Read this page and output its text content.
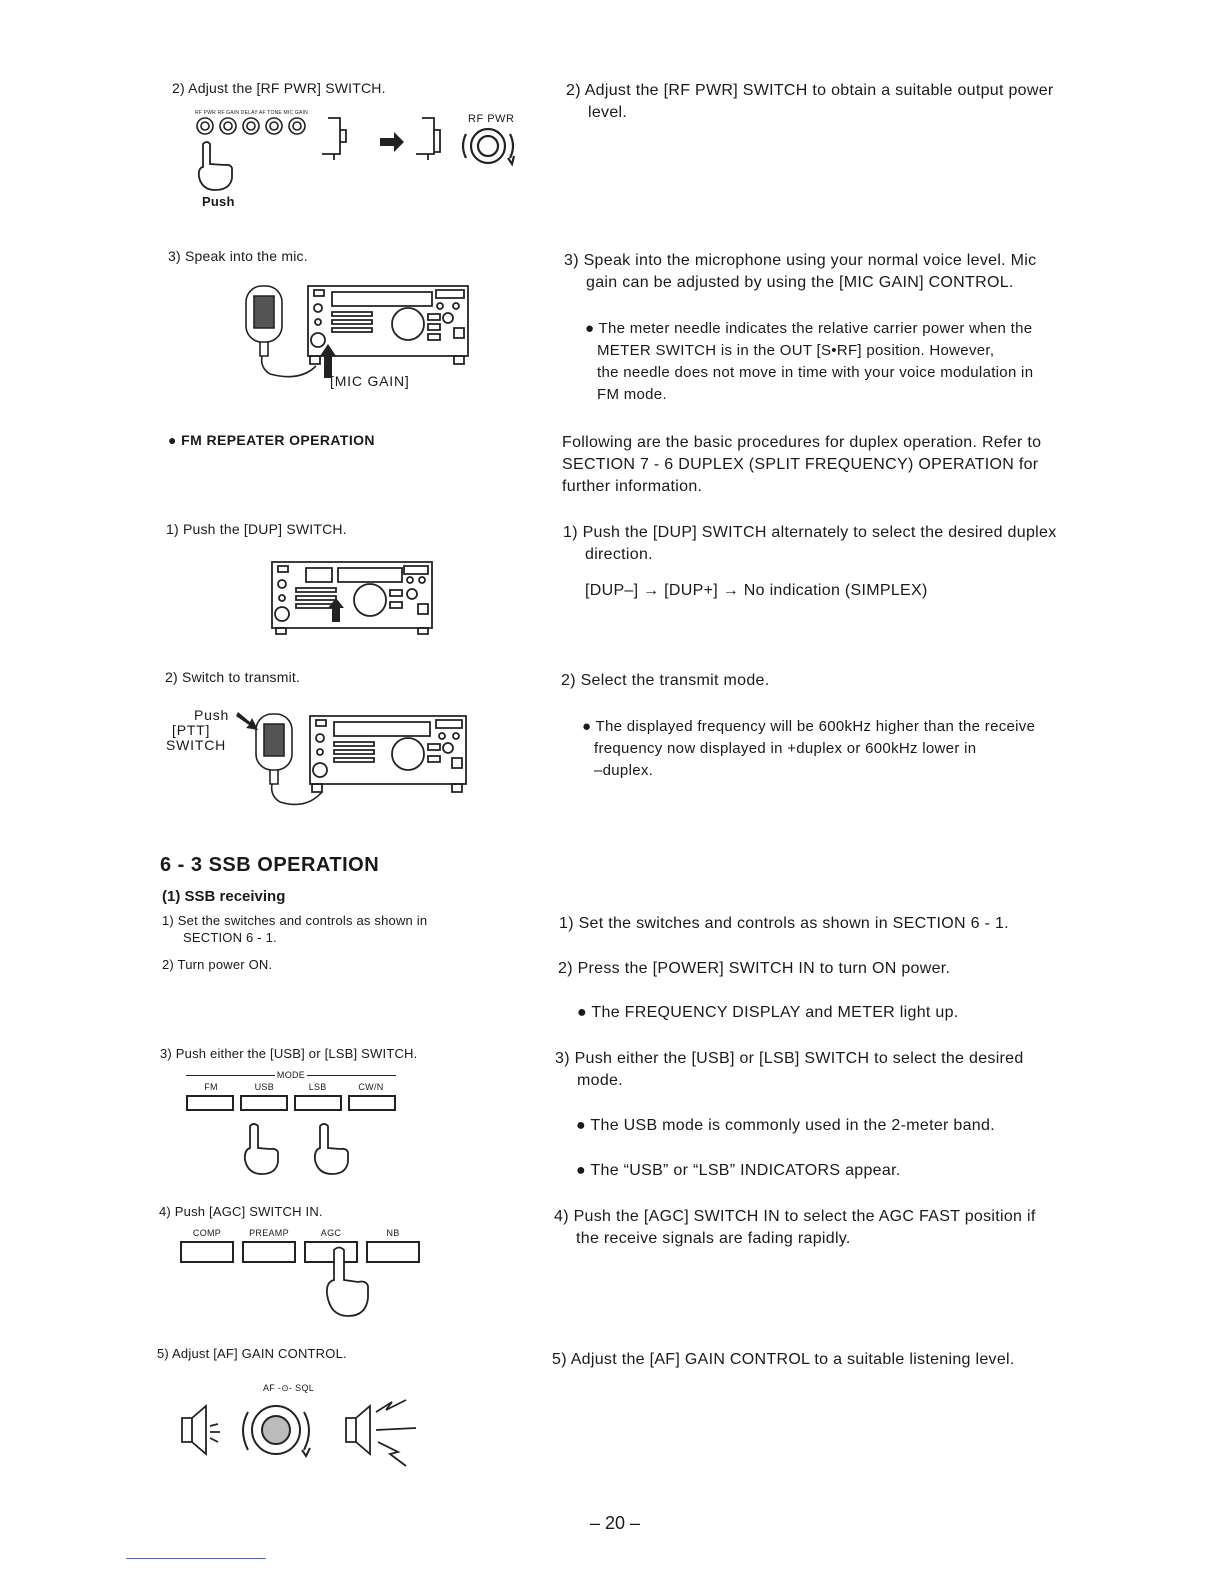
2) Adjust the [RF PWR] SWITCH.
RF PWR RF GAIN DELAY AF TONE MIC GAIN	RF PWR
Push
3) Speak into the mic.
[MIC GAIN]
● FM REPEATER OPERATION
1) Push the [DUP] SWITCH.
2) Switch to transmit.
Push
[PTT]
SWITCH
6 - 3 SSB OPERATION
(1) SSB receiving
1) Set the switches and controls as shown in
SECTION 6 - 1.
2) Turn power ON.
3) Push either the [USB] or [LSB] SWITCH.
MODE
FM	USB	LSB	CW/N
4) Push [AGC] SWITCH IN.
COMP	PREAMP	AGC	NB
5) Adjust [AF] GAIN CONTROL.
AF -⊙- SQL
2) Adjust the [RF PWR] SWITCH to obtain a suitable output power
level.
3) Speak into the microphone using your normal voice level. Mic
gain can be adjusted by using the [MIC GAIN] CONTROL.
● The meter needle indicates the relative carrier power when the
METER SWITCH is in the OUT [S•RF] position. However,
the needle does not move in time with your voice modulation in
FM mode.
Following are the basic procedures for duplex operation. Refer to
SECTION 7 - 6 DUPLEX (SPLIT FREQUENCY) OPERATION for
further information.
1) Push the [DUP] SWITCH alternately to select the desired duplex
direction.
[DUP–] → [DUP+] → No indication (SIMPLEX)
2) Select the transmit mode.
● The displayed frequency will be 600kHz higher than the receive
frequency now displayed in +duplex or 600kHz lower in
–duplex.
1) Set the switches and controls as shown in SECTION 6 - 1.
2) Press the [POWER] SWITCH IN to turn ON power.
● The FREQUENCY DISPLAY and METER light up.
3) Push either the [USB] or [LSB] SWITCH to select the desired
mode.
● The USB mode is commonly used in the 2-meter band.
● The “USB” or “LSB” INDICATORS appear.
4) Push the [AGC] SWITCH IN to select the AGC FAST position if
the receive signals are fading rapidly.
5) Adjust the [AF] GAIN CONTROL to a suitable listening level.
– 20 –
